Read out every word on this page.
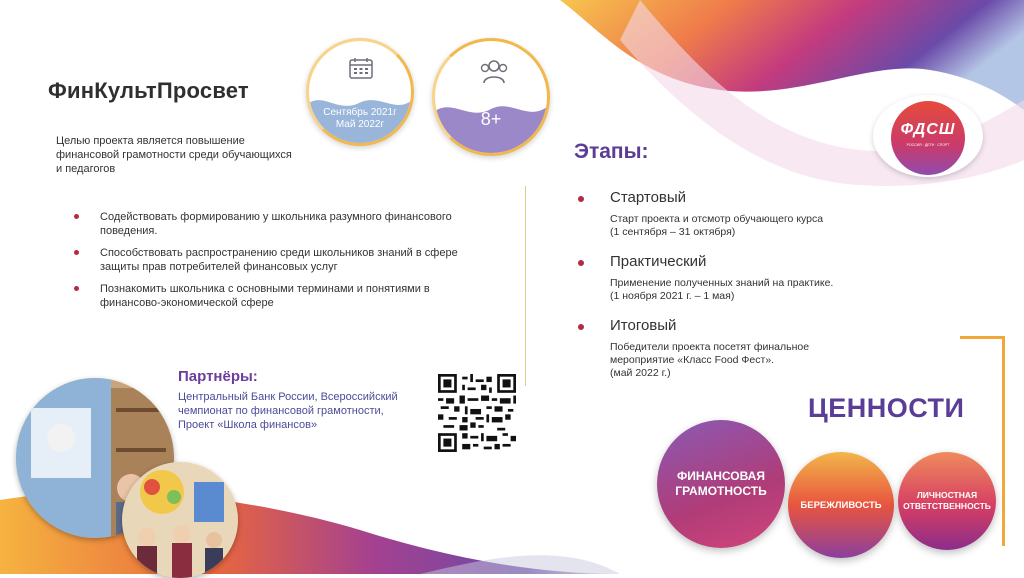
ФинКультПросвет
Целью проекта является повышение финансовой грамотности среди обучающихся и педагогов
Содействовать формированию у школьника разумного финансового поведения.
Способствовать распространению среди школьников знаний в сфере защиты прав потребителей финансовых услуг
Познакомить школьника с основными терминами и понятиями в финансово-экономической сфере
Сентябрь 2021г
Май 2022г	8+
Партнёры:
Центральный Банк России, Всероссийский чемпионат по финансовой грамотности, Проект «Школа финансов»
Этапы:
Стартовый
Старт проекта и отсмотр обучающего курса
(1 сентября – 31 октября)
Практический
Применение полученных знаний на практике.
(1 ноября 2021 г. – 1 мая)
Итоговый
Победители проекта посетят финальное
мероприятие «Класс Food Фест».
(май 2022 г.)
ФДСШ
РОССИЯ · ДЕТИ · СПОРТ
ЦЕННОСТИ
ФИНАНСОВАЯ
ГРАМОТНОСТЬ
БЕРЕЖЛИВОСТЬ
ЛИЧНОСТНАЯ
ОТВЕТСТВЕННОСТЬ
